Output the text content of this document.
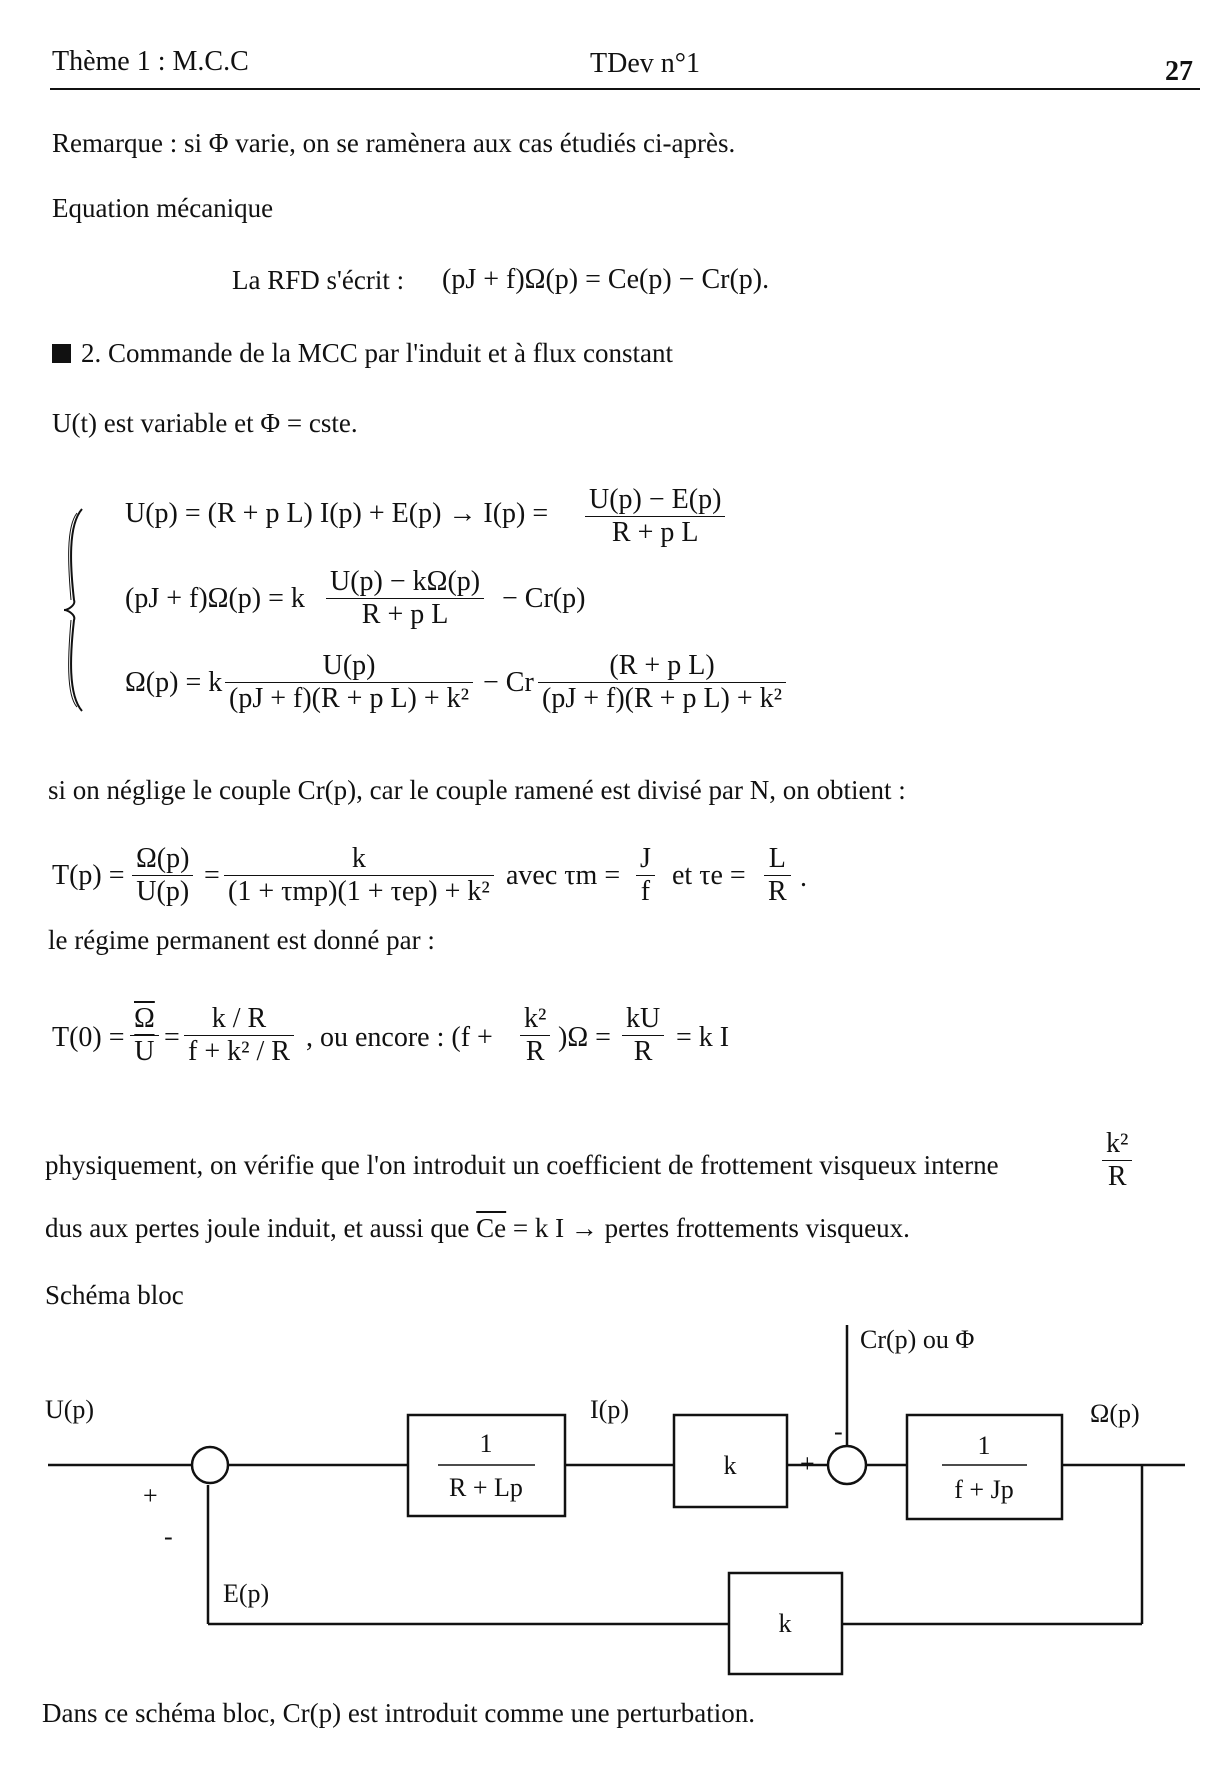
Thème 1 : M.C.C	TDev n°1	27
Remarque : si Φ varie, on se ramènera aux cas étudiés ci-après.
Equation mécanique
La RFD s'écrit : (pJ + f)Ω(p) = Ce(p) − Cr(p).
2. Commande de la MCC par l'induit et à flux constant
U(t) est variable et Φ = cste.
U(p) = (R + p L) I(p) + E(p) → I(p) = U(p) − E(p)
R + p L
(pJ + f)Ω(p) = k
U(p) − kΩ(p)
R + p L
− Cr(p)
Ω(p) = k
U(p)
(pJ + f)(R + p L) + k²
− Cr
(R + p L)
(pJ + f)(R + p L) + k²
si on néglige le couple Cr(p), car le couple ramené est divisé par N, on obtient :
T(p) =
Ω(p)
U(p)
=
k
(1 + τmp)(1 + τep) + k²
avec τm =
J
f
et τe =
L
R .
le régime permanent est donné par :
$T(0) = \frac{\overline{\Omega}}{U}$ =
k / R
f + k² / R , ou encore : (f +
k²
R )Ω =
kU
R = k I
physiquement, on vérifie que l'on introduit un coefficient de frottement visqueux interne
k²
R
dus aux pertes joule induit, et aussi que $\overline{Ce} = k$ I → pertes frottements visqueux.
Schéma bloc
1
R + Lp
k
1
f + Jp
k
U(p)	I(p)	Ω(p)
Cr(p) ou Φ
E(p)
+
-
+
-
Dans ce schéma bloc, Cr(p) est introduit comme une perturbation.
